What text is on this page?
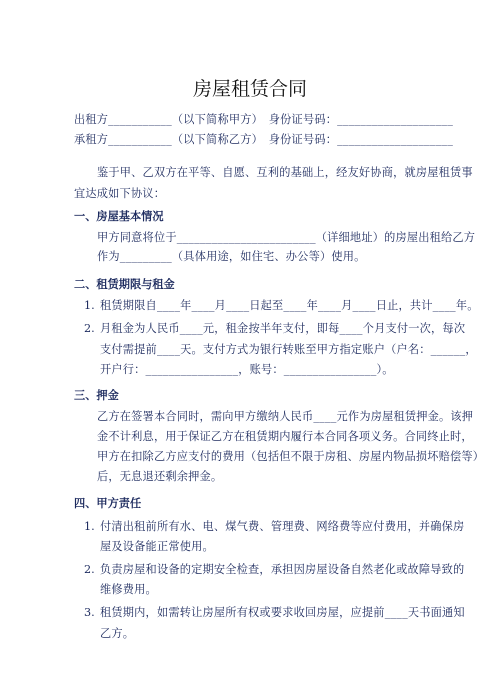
房屋租赁合同
出租方___________（以下简称甲方）　身份证号码：____________________
承租方___________（以下简称乙方）　身份证号码：____________________
鉴于甲、乙双方在平等、自愿、互利的基础上，经友好协商，就房屋租赁事
宜达成如下协议：
一、房屋基本情况
甲方同意将位于________________________（详细地址）的房屋出租给乙方
作为_________（具体用途，如住宅、办公等）使用。
二、租赁期限与租金
1. 租赁期限自____年____月____日起至____年____月____日止，共计____年。
2. 月租金为人民币____元，租金按半年支付，即每____个月支付一次，每次
支付需提前____天。支付方式为银行转账至甲方指定账户（户名：______，
开户行：________________，账号：________________）。
三、押金
乙方在签署本合同时，需向甲方缴纳人民币____元作为房屋租赁押金。该押
金不计利息，用于保证乙方在租赁期内履行本合同各项义务。合同终止时，
甲方在扣除乙方应支付的费用（包括但不限于房租、房屋内物品损坏赔偿等）
后，无息退还剩余押金。
四、甲方责任
1. 付清出租前所有水、电、煤气费、管理费、网络费等应付费用，并确保房
屋及设备能正常使用。
2. 负责房屋和设备的定期安全检查，承担因房屋设备自然老化或故障导致的
维修费用。
3. 租赁期内，如需转让房屋所有权或要求收回房屋，应提前____天书面通知
乙方。
